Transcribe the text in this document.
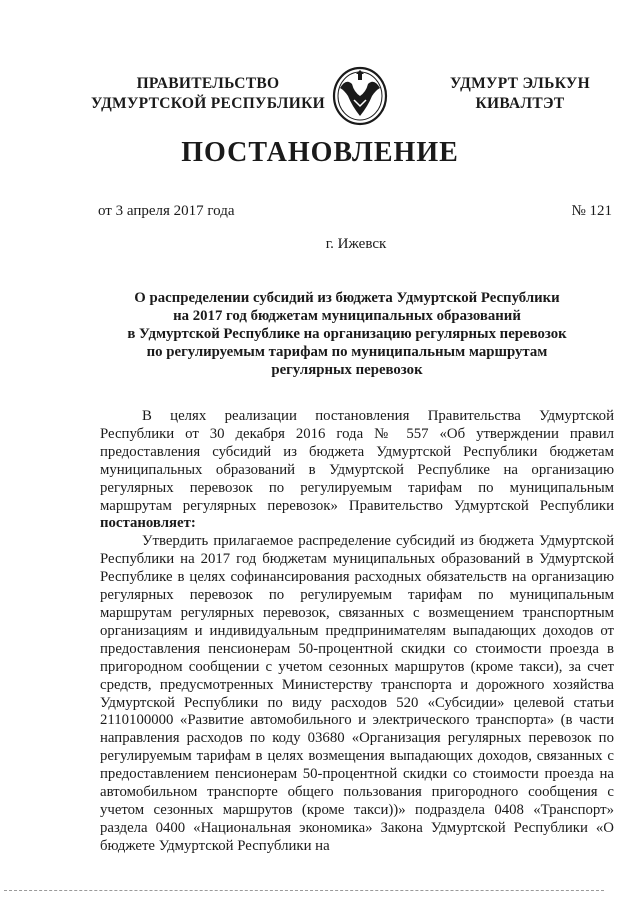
ПРАВИТЕЛЬСТВО
УДМУРТСКОЙ РЕСПУБЛИКИ
УДМУРТ ЭЛЬКУН
КИВАЛТЭТ
ПОСТАНОВЛЕНИЕ
от 3 апреля 2017 года	№ 121
г. Ижевск
О распределении субсидий из бюджета Удмуртской Республики
на 2017 год бюджетам муниципальных образований
в Удмуртской Республике на организацию регулярных перевозок
по регулируемым тарифам по муниципальным маршрутам
регулярных перевозок

В целях реализации постановления Правительства Удмуртской Республики от 30 декабря 2016 года № 557 «Об утверждении правил предоставления субсидий из бюджета Удмуртской Республики бюджетам муниципальных образований в Удмуртской Республике на организацию регулярных перевозок по регулируемым тарифам по муниципальным маршрутам регулярных перевозок» Правительство Удмуртской Республики постановляет:

Утвердить прилагаемое распределение субсидий из бюджета Удмуртской Республики на 2017 год бюджетам муниципальных образований в Удмуртской Республике в целях софинансирования расходных обязательств на организацию регулярных перевозок по регулируемым тарифам по муниципальным маршрутам регулярных перевозок, связанных с возмещением транспортным организациям и индивидуальным предпринимателям выпадающих доходов от предоставления пенсионерам 50-процентной скидки со стоимости проезда в пригородном сообщении с учетом сезонных маршрутов (кроме такси), за счет средств, предусмотренных Министерству транспорта и дорожного хозяйства Удмуртской Республики по виду расходов 520 «Субсидии» целевой статьи 2110100000 «Развитие автомобильного и электрического транспорта» (в части направления расходов по коду 03680 «Организация регулярных перевозок по регулируемым тарифам в целях возмещения выпадающих доходов, связанных с предоставлением пенсионерам 50-процентной скидки со стоимости проезда на автомобильном транспорте общего пользования пригородного сообщения с учетом сезонных маршрутов (кроме такси))» подраздела 0408 «Транспорт» раздела 0400 «Национальная экономика» Закона Удмуртской Республики «О бюджете Удмуртской Республики на
